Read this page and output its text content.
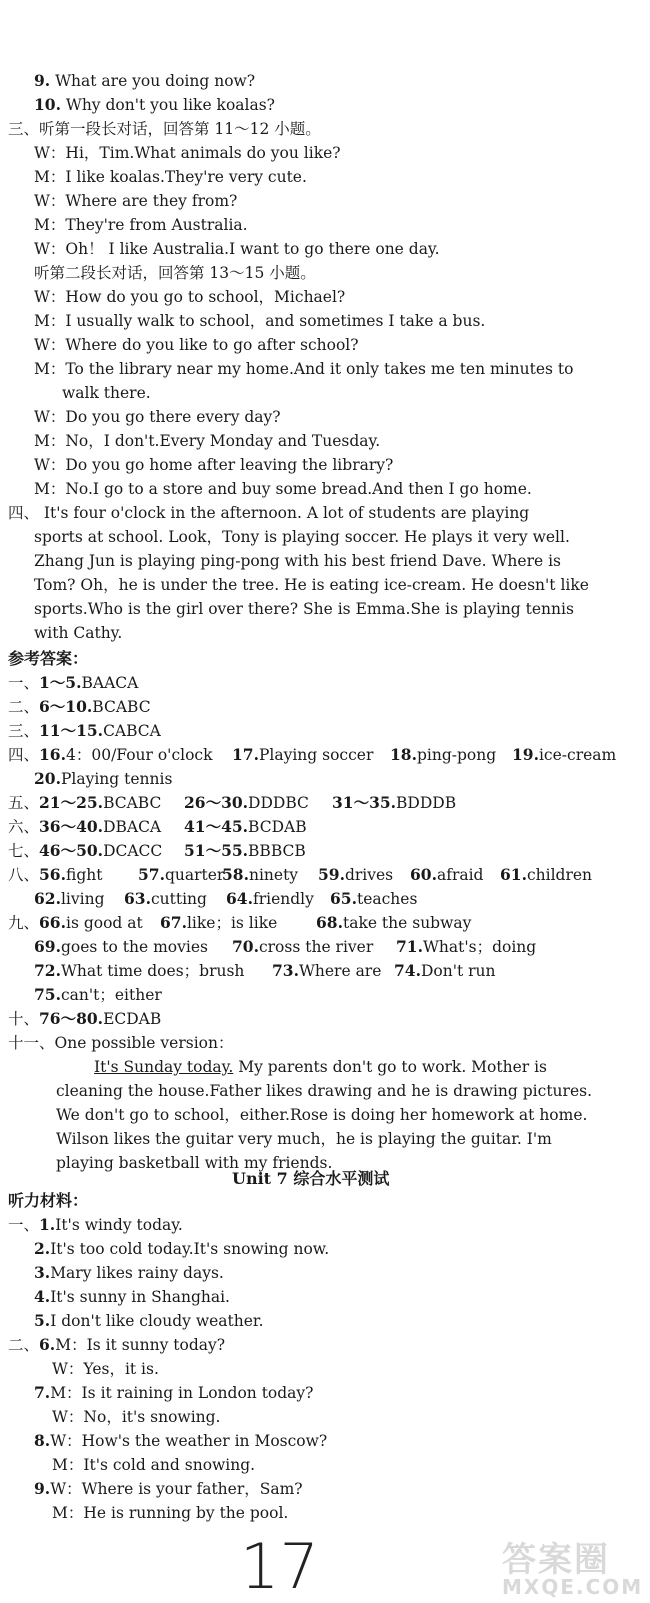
9. What are you doing now?
10. Why don't you like koalas?
三、听第一段长对话，回答第 11～12 小题。
W：Hi，Tim.What animals do you like?
M：I like koalas.They're very cute.
W：Where are they from?
M：They're from Australia.
W：Oh！ I like Australia.I want to go there one day.
听第二段长对话，回答第 13～15 小题。
W：How do you go to school，Michael?
M：I usually walk to school，and sometimes I take a bus.
W：Where do you like to go after school?
M：To the library near my home.And it only takes me ten minutes to
walk there.
W：Do you go there every day?
M：No，I don't.Every Monday and Tuesday.
W：Do you go home after leaving the library?
M：No.I go to a store and buy some bread.And then I go home.
四、 It's four o'clock in the afternoon. A lot of students are playing
sports at school. Look，Tony is playing soccer. He plays it very well.
Zhang Jun is playing ping-pong with his best friend Dave. Where is
Tom? Oh，he is under the tree. He is eating ice-cream. He doesn't like
sports.Who is the girl over there? She is Emma.She is playing tennis
with Cathy.
参考答案：
一、1～5.BAACA
二、6～10.BCABC
三、11～15.CABCA
四、16.4：00/Four o'clock 17.Playing soccer 18.ping-pong 19.ice-cream
20.Playing tennis
五、21～25.BCABC 26～30.DDDBC 31～35.BDDDB
六、36～40.DBACA 41～45.BCDAB
七、46～50.DCACC 51～55.BBBCB
八、56.fight 57.quarter
58.ninety 59.drives 60.afraid 61.children
62.living 63.cutting 64.friendly 65.teaches
九、66.is good at 67.like；is like 68.take the subway
69.goes to the movies 70.cross the river 71.What's；doing
72.What time does；brush 73.Where are 74.Don't run
75.can't；either
十、76～80.ECDAB
十一、One possible version：
It's Sunday today. My parents don't go to work. Mother is
cleaning the house.Father likes drawing and he is drawing pictures.
We don't go to school，either.Rose is doing her homework at home.
Wilson likes the guitar very much，he is playing the guitar. I'm
playing basketball with my friends.
Unit 7 综合水平测试
听力材料：
一、1.It's windy today.
2.It's too cold today.It's snowing now.
3.Mary likes rainy days.
4.It's sunny in Shanghai.
5.I don't like cloudy weather.
二、6.M：Is it sunny today?
W：Yes，it is.
7.M：Is it raining in London today?
W：No，it's snowing.
8.W：How's the weather in Moscow?
M：It's cold and snowing.
9.W：Where is your father，Sam?
M：He is running by the pool.
17	答案圈
MXQE.COM
